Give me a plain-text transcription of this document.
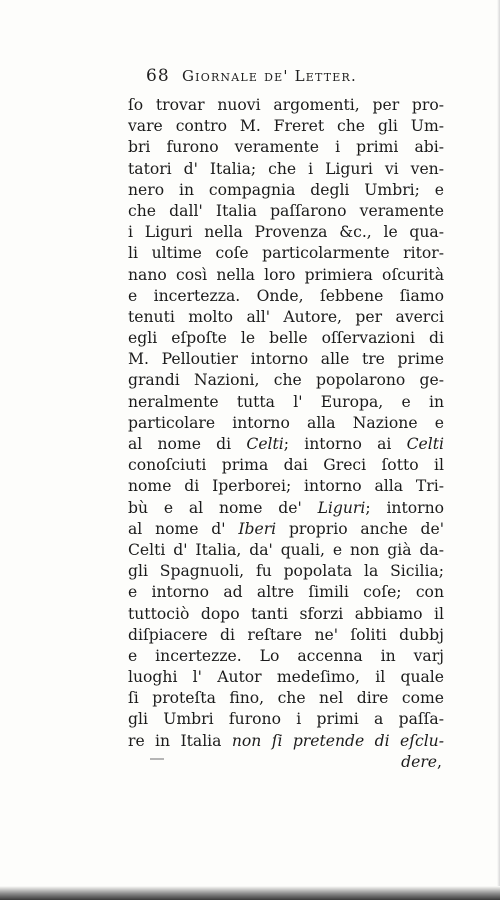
68 Giornale de' Letter.
ſo trovar nuovi argomenti, per pro-
vare contro M. Freret che gli Um-
bri furono veramente i primi abi-
tatori d' Italia; che i Liguri vi ven-
nero in compagnia degli Umbri; e
che dall' Italia paſſarono veramente
i Liguri nella Provenza &c., le qua-
li ultime coſe particolarmente ritor-
nano così nella loro primiera oſcurità
e incertezza. Onde, ſebbene ſiamo
tenuti molto all' Autore, per averci
egli eſpoſte le belle oſſervazioni di
M. Pelloutier intorno alle tre prime
grandi Nazioni, che popolarono ge-
neralmente tutta l' Europa, e in
particolare intorno alla Nazione e
al nome di Celti; intorno ai Celti
conoſciuti prima dai Greci ſotto il
nome di Iperborei; intorno alla Tri-
bù e al nome de' Liguri; intorno
al nome d' Iberi proprio anche de'
Celti d' Italia, da' quali, e non già da-
gli Spagnuoli, fu popolata la Sicilia;
e intorno ad altre ſimili coſe; con
tuttociò dopo tanti sforzi abbiamo il
diſpiacere di reſtare ne' ſoliti dubbj
e incertezze. Lo accenna in varj
luoghi l' Autor medeſimo, il quale
ſi proteſta fino, che nel dire come
gli Umbri furono i primi a paſſa-
re in Italia non ſi pretende di eſclu-
dere,
